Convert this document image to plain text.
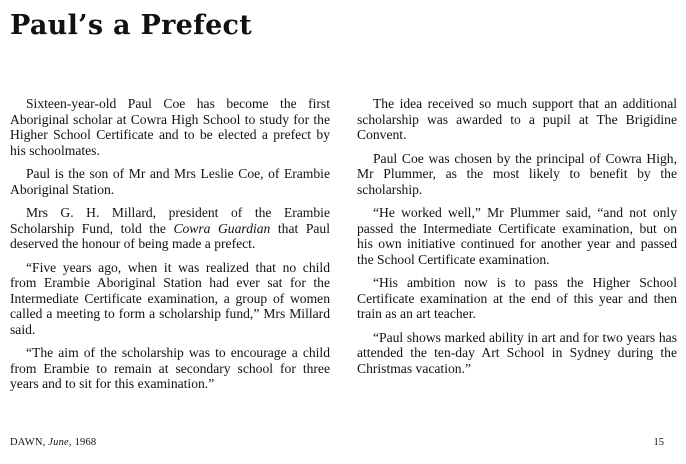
Paul’s a Prefect

Sixteen-year-old Paul Coe has become the first Aboriginal scholar at Cowra High School to study for the Higher School Certificate and to be elected a prefect by his schoolmates.

Paul is the son of Mr and Mrs Leslie Coe, of Erambie Aboriginal Station.

Mrs G. H. Millard, president of the Erambie Scholarship Fund, told the Cowra Guardian that Paul deserved the honour of being made a prefect.

“Five years ago, when it was realized that no child from Erambie Aboriginal Station had ever sat for the Intermediate Certificate examination, a group of women called a meeting to form a scholarship fund,” Mrs Millard said.

“The aim of the scholarship was to encourage a child from Erambie to remain at secondary school for three years and to sit for this examination.”

The idea received so much support that an additional scholarship was awarded to a pupil at The Brigidine Convent.

Paul Coe was chosen by the principal of Cowra High, Mr Plummer, as the most likely to benefit by the scholarship.

“He worked well,” Mr Plummer said, “and not only passed the Intermediate Certificate examination, but on his own initiative continued for another year and passed the School Certificate examination.

“His ambition now is to pass the Higher School Certificate examination at the end of this year and then train as an art teacher.

“Paul shows marked ability in art and for two years has attended the ten-day Art School in Sydney during the Christmas vacation.”

DAWN, June, 1968	15
